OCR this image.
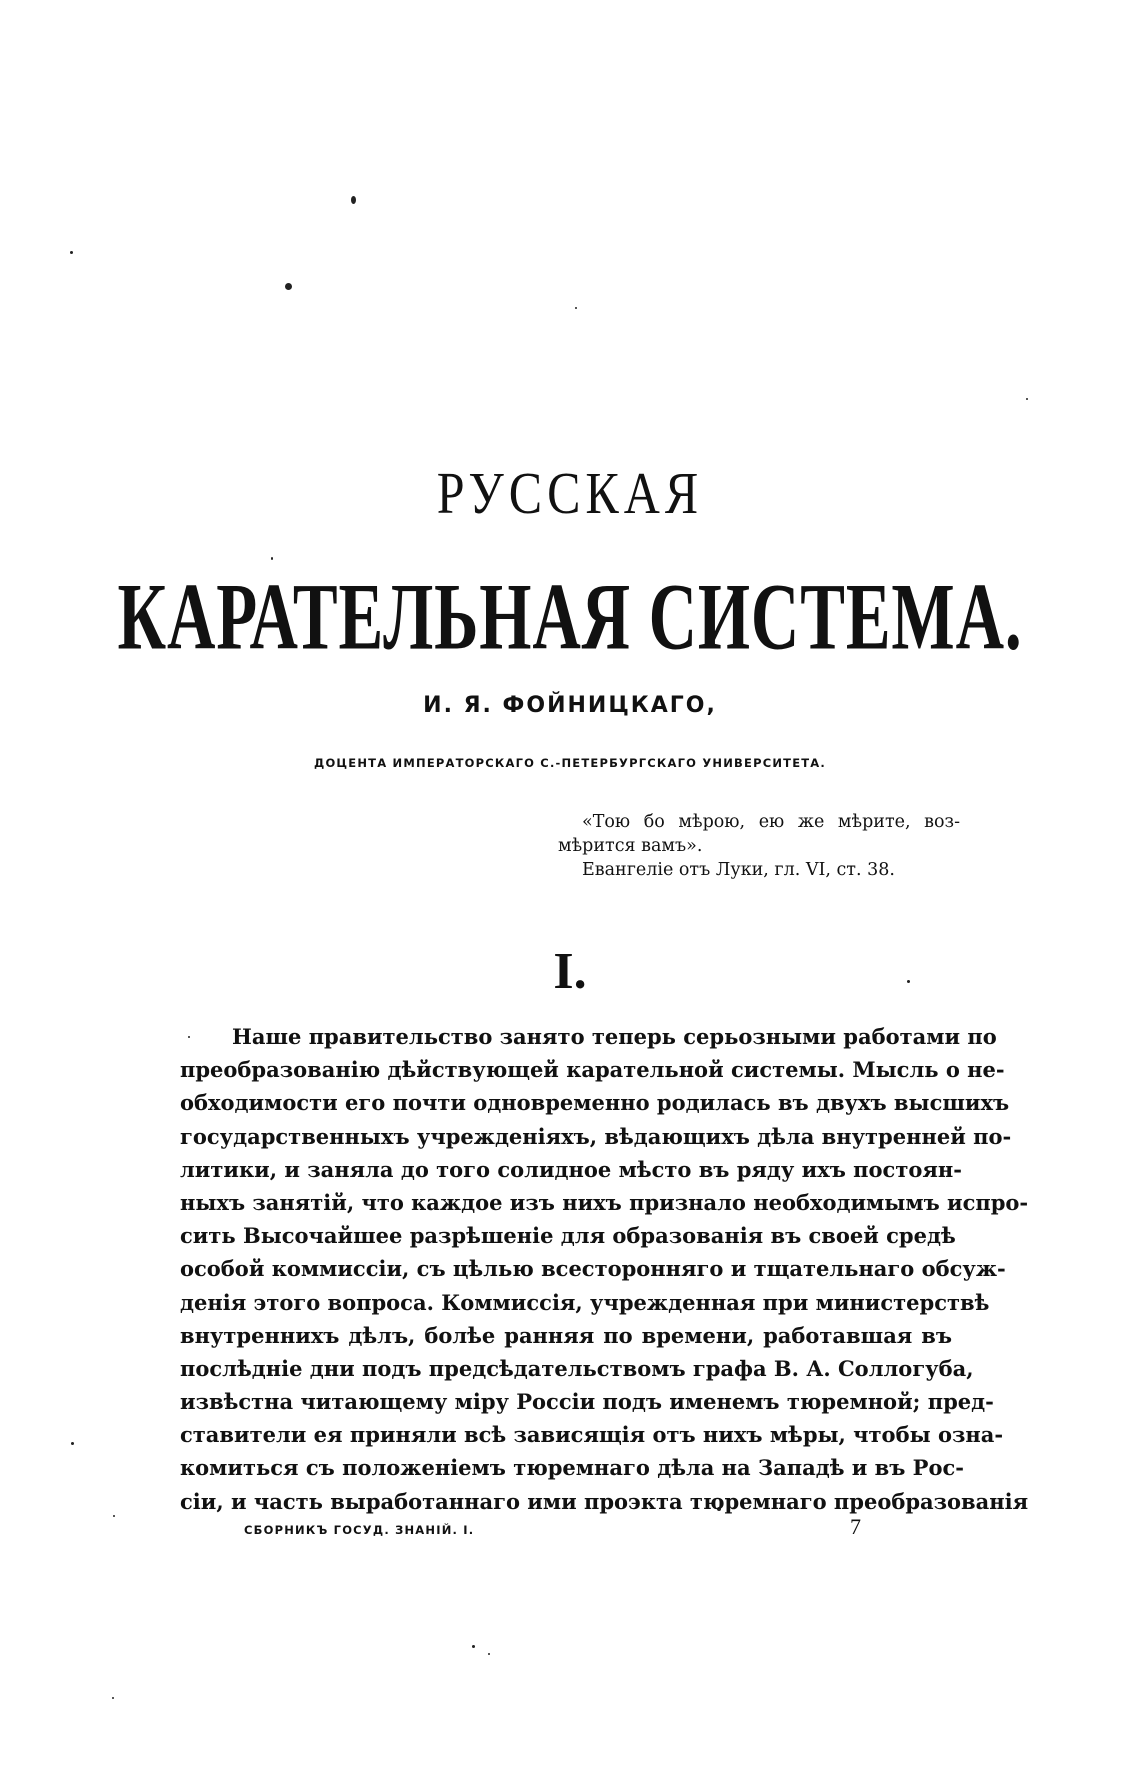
РУССКАЯ
КАРАТЕЛЬНАЯ СИСТЕМА.
И. Я. ФОЙНИЦКАГО,
ДОЦЕНТА ИМПЕРАТОРСКАГО С.-ПЕТЕРБУРГСКАГО УНИВЕРСИТЕТА.
«Тою бо мѣрою, ею же мѣрите, воз-
мѣрится вамъ».
Евангеліе отъ Луки, гл. VI, ст. 38.
I.
Наше правительство занято теперь серьозными работами по
преобразованію дѣйствующей карательной системы. Мысль о не-
обходимости его почти одновременно родилась въ двухъ высшихъ
государственныхъ учрежденіяхъ, вѣдающихъ дѣла внутренней по-
литики, и заняла до того солидное мѣсто въ ряду ихъ постоян-
ныхъ занятій, что каждое изъ нихъ признало необходимымъ испро-
сить Высочайшее разрѣшеніе для образованія въ своей средѣ
особой коммиссіи, съ цѣлью всесторонняго и тщательнаго обсуж-
денія этого вопроса. Коммиссія, учрежденная при министерствѣ
внутреннихъ дѣлъ, болѣе ранняя по времени, работавшая въ
послѣдніе дни подъ предсѣдательствомъ графа В. А. Соллогуба,
извѣстна читающему міру Россіи подъ именемъ тюремной; пред-
ставители ея приняли всѣ зависящія отъ нихъ мѣры, чтобы озна-
комиться съ положеніемъ тюремнаго дѣла на Западѣ и въ Рос-
сіи, и часть выработаннаго ими проэкта тюремнаго преобразованія
СБОРНИКЪ ГОСУД. ЗНАНІЙ. I.	7
